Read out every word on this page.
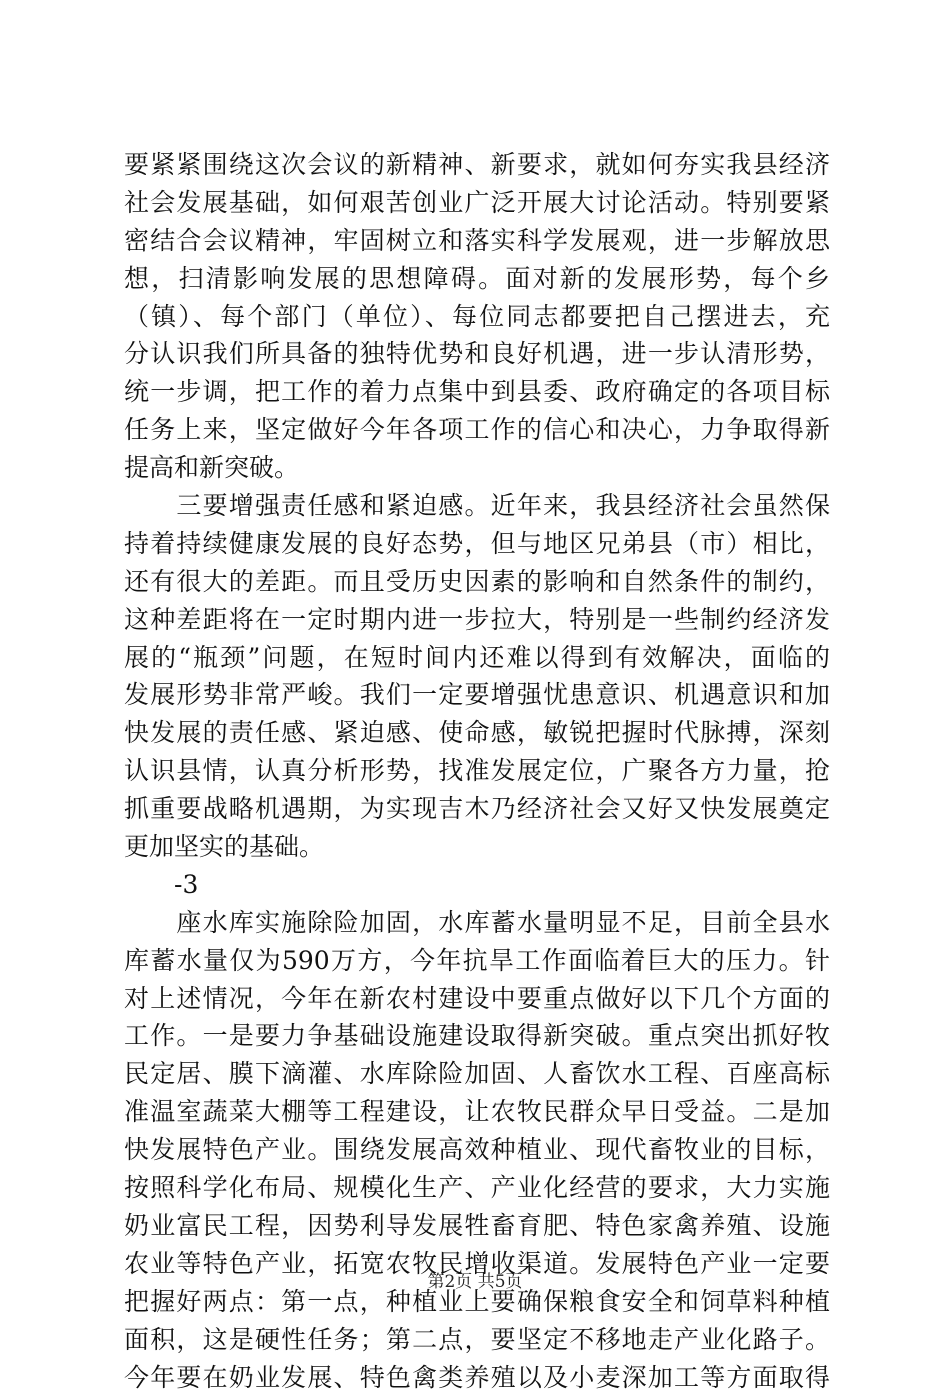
要紧紧围绕这次会议的新精神、新要求，就如何夯实我县经济
社会发展基础，如何艰苦创业广泛开展大讨论活动。特别要紧
密结合会议精神，牢固树立和落实科学发展观，进一步解放思
想，扫清影响发展的思想障碍。面对新的发展形势，每个乡
（镇）、每个部门（单位）、每位同志都要把自己摆进去，充
分认识我们所具备的独特优势和良好机遇，进一步认清形势，
统一步调，把工作的着力点集中到县委、政府确定的各项目标
任务上来，坚定做好今年各项工作的信心和决心，力争取得新
提高和新突破。
　　三要增强责任感和紧迫感。近年来，我县经济社会虽然保
持着持续健康发展的良好态势，但与地区兄弟县（市）相比，
还有很大的差距。而且受历史因素的影响和自然条件的制约，
这种差距将在一定时期内进一步拉大，特别是一些制约经济发
展的“瓶颈”问题，在短时间内还难以得到有效解决，面临的
发展形势非常严峻。我们一定要增强忧患意识、机遇意识和加
快发展的责任感、紧迫感、使命感，敏锐把握时代脉搏，深刻
认识县情，认真分析形势，找准发展定位，广聚各方力量，抢
抓重要战略机遇期，为实现吉木乃经济社会又好又快发展奠定
更加坚实的基础。
　　-3
　　座水库实施除险加固，水库蓄水量明显不足，目前全县水
库蓄水量仅为590万方，今年抗旱工作面临着巨大的压力。针
对上述情况，今年在新农村建设中要重点做好以下几个方面的
工作。一是要力争基础设施建设取得新突破。重点突出抓好牧
民定居、膜下滴灌、水库除险加固、人畜饮水工程、百座高标
准温室蔬菜大棚等工程建设，让农牧民群众早日受益。二是加
快发展特色产业。围绕发展高效种植业、现代畜牧业的目标，
按照科学化布局、规模化生产、产业化经营的要求，大力实施
奶业富民工程，因势利导发展牲畜育肥、特色家禽养殖、设施
农业等特色产业，拓宽农牧民增收渠道。发展特色产业一定要
把握好两点：第一点，种植业上要确保粮食安全和饲草料种植
面积，这是硬性任务；第二点，要坚定不移地走产业化路子。
今年要在奶业发展、特色禽类养殖以及小麦深加工等方面取得
第2页 共5页
